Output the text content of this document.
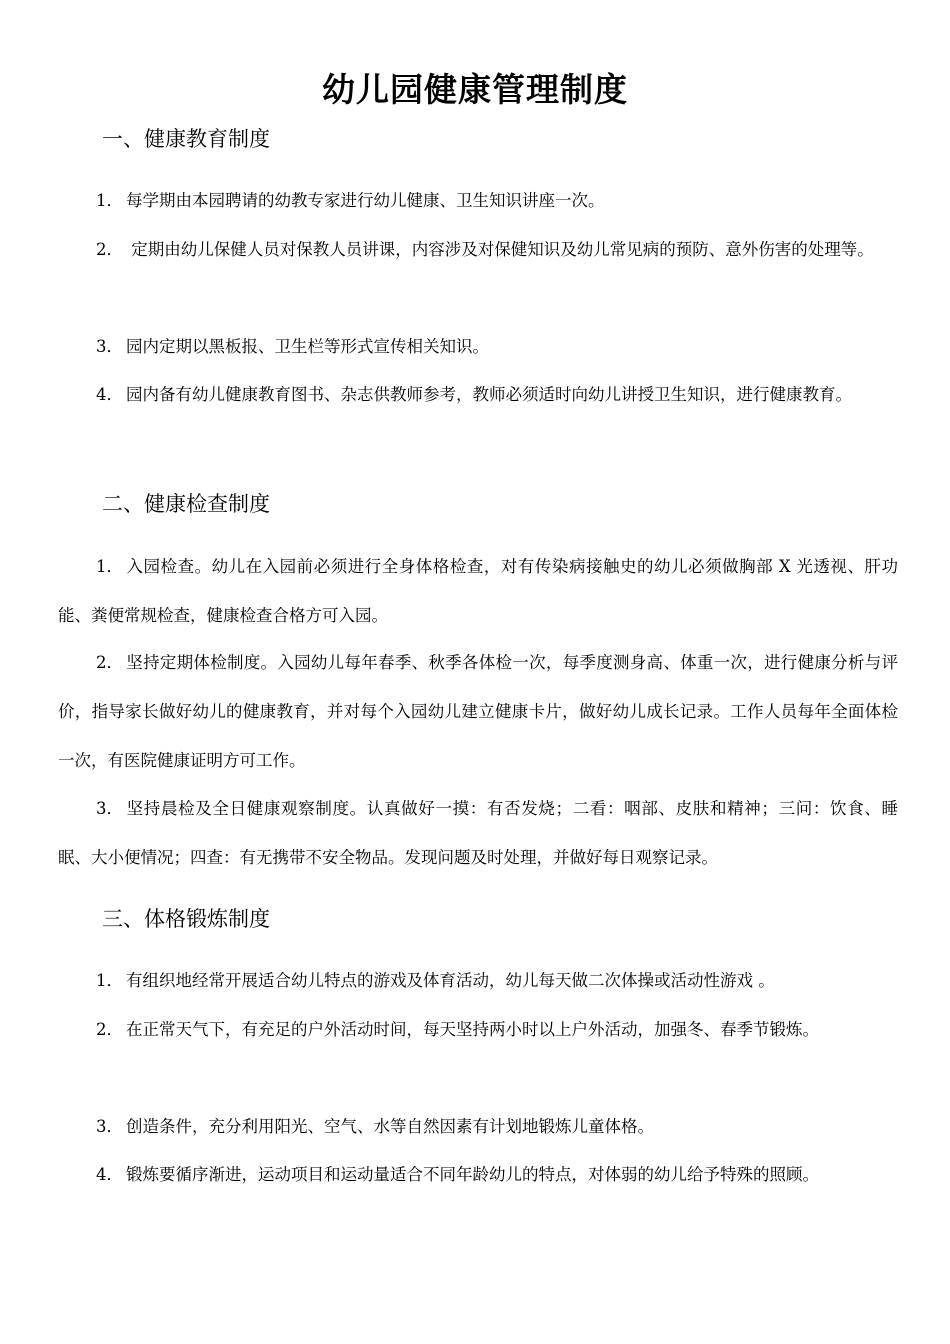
幼儿园健康管理制度
一、健康教育制度
1． 每学期由本园聘请的幼教专家进行幼儿健康、卫生知识讲座一次。
2． 定期由幼儿保健人员对保教人员讲课，内容涉及对保健知识及幼儿常见病的预防、意外伤害的处理等。
3． 园内定期以黑板报、卫生栏等形式宣传相关知识。
4． 园内备有幼儿健康教育图书、杂志供教师参考，教师必须适时向幼儿讲授卫生知识，进行健康教育。
二、健康检查制度
1． 入园检查。幼儿在入园前必须进行全身体格检查，对有传染病接触史的幼儿必须做胸部 X 光透视、肝功能、粪便常规检查，健康检查合格方可入园。
2． 坚持定期体检制度。入园幼儿每年春季、秋季各体检一次，每季度测身高、体重一次，进行健康分析与评价，指导家长做好幼儿的健康教育，并对每个入园幼儿建立健康卡片，做好幼儿成长记录。工作人员每年全面体检一次，有医院健康证明方可工作。
3． 坚持晨检及全日健康观察制度。认真做好一摸：有否发烧；二看：咽部、皮肤和精神；三问：饮食、睡眠、大小便情况；四查：有无携带不安全物品。发现问题及时处理，并做好每日观察记录。
三、体格锻炼制度
1． 有组织地经常开展适合幼儿特点的游戏及体育活动，幼儿每天做二次体操或活动性游戏 。
2． 在正常天气下，有充足的户外活动时间，每天坚持两小时以上户外活动，加强冬、春季节锻炼。
3． 创造条件，充分利用阳光、空气、水等自然因素有计划地锻炼儿童体格。
4． 锻炼要循序渐进，运动项目和运动量适合不同年龄幼儿的特点，对体弱的幼儿给予特殊的照顾。
